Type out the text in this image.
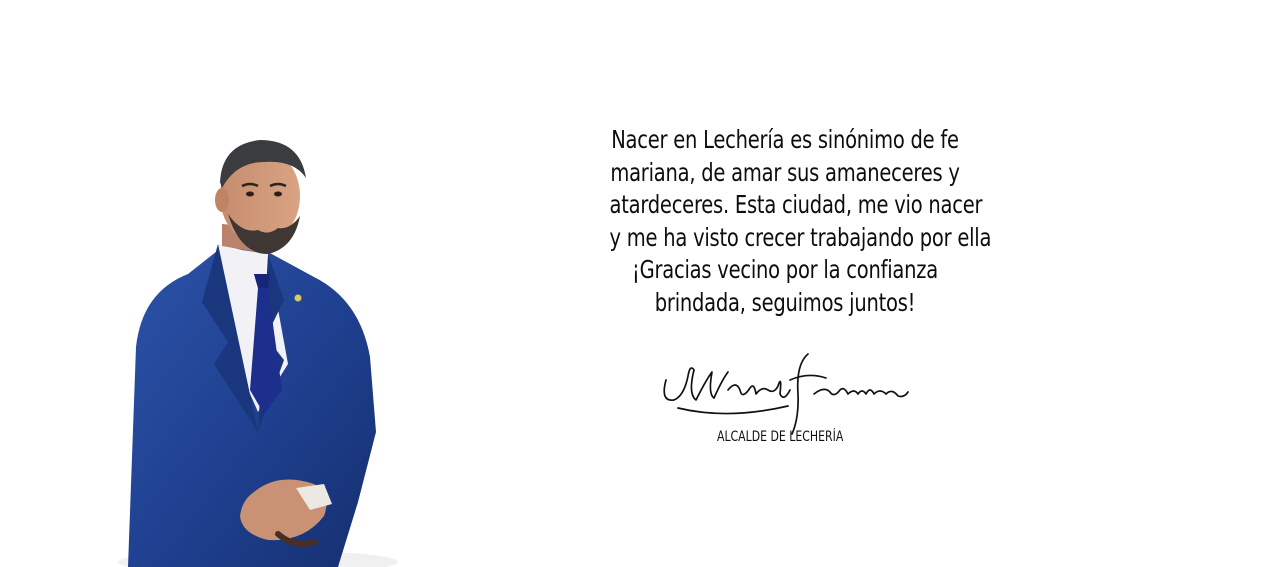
Nacer en Lechería es sinónimo de fe
mariana, de amar sus amaneceres y
atardeceres. Esta ciudad, me vio nacer
y me ha visto crecer trabajando por ella
¡Gracias vecino por la confianza
brindada, seguimos juntos!

ALCALDE DE LECHERÍA
